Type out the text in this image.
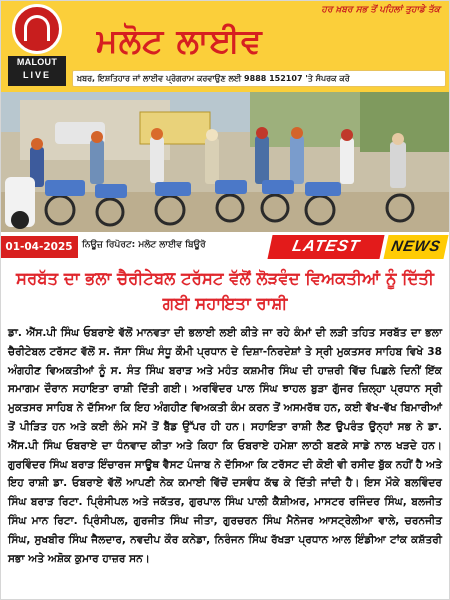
MALOUT
LIVE
ਹਰ ਖ਼ਬਰ ਸਭ ਤੋਂ ਪਹਿਲਾਂ ਤੁਹਾਡੇ ਤੱਕ
ਮਲੋਟ ਲਾਈਵ
ਖ਼ਬਰ, ਇਸ਼ਤਿਹਾਰ ਜਾਂ ਲਾਈਵ ਪ੍ਰੋਗਰਾਮ ਕਰਵਾਉਣ ਲਈ 9888 152107 'ਤੇ ਸੰਪਰਕ ਕਰੋ
01-04-2025	ਨਿਊਜ਼ ਰਿਪੋਰਟ: ਮਲੋਟ ਲਾਈਵ ਬਿਊਰੋ	LATEST	NEWS
ਸਰਬੱਤ ਦਾ ਭਲਾ ਚੈਰੀਟੇਬਲ ਟਰੱਸਟ ਵੱਲੋਂ ਲੋੜਵੰਦ ਵਿਅਕਤੀਆਂ ਨੂੰ ਦਿੱਤੀ ਗਈ ਸਹਾਇਤਾ ਰਾਸ਼ੀ
ਡਾ. ਐੱਸ.ਪੀ ਸਿੰਘ ਓਬਰਾਏ ਵੱਲੋਂ ਮਾਨਵਤਾ ਦੀ ਭਲਾਈ ਲਈ ਕੀਤੇ ਜਾ ਰਹੇ ਕੰਮਾਂ ਦੀ ਲੜੀ ਤਹਿਤ ਸਰਬੱਤ ਦਾ ਭਲਾ ਚੈਰੀਟੇਬਲ ਟਰੱਸਟ ਵੱਲੋਂ ਸ. ਜੱਸਾ ਸਿੰਘ ਸੰਧੂ ਕੌਮੀ ਪ੍ਰਧਾਨ ਦੇ ਦਿਸ਼ਾ-ਨਿਰਦੇਸ਼ਾਂ ਤੇ ਸ੍ਰੀ ਮੁਕਤਸਰ ਸਾਹਿਬ ਵਿਖੇ 38 ਅੰਗਹੀਣ ਵਿਅਕਤੀਆਂ ਨੂੰ ਸ. ਸੰਤ ਸਿੰਘ ਬਰਾੜ ਅਤੇ ਮਹੰਤ ਕਸ਼ਮੀਰ ਸਿੰਘ ਦੀ ਹਾਜ਼ਰੀ ਵਿੱਚ ਪਿਛਲੇ ਦਿਨੀਂ ਇੱਕ ਸਮਾਗਮ ਦੌਰਾਨ ਸਹਾਇਤਾ ਰਾਸ਼ੀ ਦਿੱਤੀ ਗਈ। ਅਰਵਿੰਦਰ ਪਾਲ ਸਿੰਘ ਝਾਹਲ ਬੁੜਾ ਗੁੱਜਰ ਜ਼ਿਲ੍ਹਾ ਪ੍ਰਧਾਨ ਸ੍ਰੀ ਮੁਕਤਸਰ ਸਾਹਿਬ ਨੇ ਦੱਸਿਆ ਕਿ ਇਹ ਅੰਗਹੀਣ ਵਿਅਕਤੀ ਕੰਮ ਕਰਨ ਤੋਂ ਅਸਮਰੱਥ ਹਨ, ਕਈ ਵੱਖ-ਵੱਖ ਬਿਮਾਰੀਆਂ ਤੋਂ ਪੀੜਿਤ ਹਨ ਅਤੇ ਕਈ ਲੰਮੇ ਸਮੇਂ ਤੋਂ ਬੈੱਡ ਉੱਪਰ ਹੀ ਹਨ। ਸਹਾਇਤਾ ਰਾਸ਼ੀ ਲੈਣ ਉਪਰੰਤ ਉਨ੍ਹਾਂ ਸਭ ਨੇ ਡਾ. ਐੱਸ.ਪੀ ਸਿੰਘ ਓਬਰਾਏ ਦਾ ਧੰਨਵਾਦ ਕੀਤਾ ਅਤੇ ਕਿਹਾ ਕਿ ਓਬਰਾਏ ਹਮੇਸ਼ਾ ਲਾਠੀ ਬਣਕੇ ਸਾਡੇ ਨਾਲ ਖੜਦੇ ਹਨ। ਗੁਰਵਿੰਦਰ ਸਿੰਘ ਬਰਾੜ ਇੰਚਾਰਜ ਸਾਊਥ ਵੈਸਟ ਪੰਜਾਬ ਨੇ ਦੱਸਿਆ ਕਿ ਟਰੱਸਟ ਦੀ ਕੋਈ ਵੀ ਰਸੀਦ ਬੁੱਕ ਨਹੀਂ ਹੈ ਅਤੇ ਇਹ ਰਾਸ਼ੀ ਡਾ. ਓਬਰਾਏ ਵੱਲੋਂ ਆਪਣੀ ਨੇਕ ਕਮਾਈ ਵਿੱਚੋਂ ਦਸਵੰਧ ਕੱਢ ਕੇ ਦਿੱਤੀ ਜਾਂਦੀ ਹੈ। ਇਸ ਮੌਕੇ ਬਲਵਿੰਦਰ ਸਿੰਘ ਬਰਾੜ ਰਿਟਾ. ਪ੍ਰਿੰਸੀਪਲ ਅਤੇ ਜਕੱਤਰ, ਗੁਰਪਾਲ ਸਿੰਘ ਪਾਲੀ ਕੈਸ਼ੀਅਰ, ਮਾਸਟਰ ਰਜਿੰਦਰ ਸਿੰਘ, ਬਲਜੀਤ ਸਿੰਘ ਮਾਨ ਰਿਟਾ. ਪ੍ਰਿੰਸੀਪਲ, ਗੁਰਜੀਤ ਸਿੰਘ ਜੀਤਾ, ਗੁਰਚਰਨ ਸਿੰਘ ਮੈਨੇਜਰ ਆਸਟ੍ਰੇਲੀਆ ਵਾਲੇ, ਚਰਨਜੀਤ ਸਿੰਘ, ਸੁਖਬੀਰ ਸਿੰਘ ਜੈਲਦਾਰ, ਨਵਦੀਪ ਕੌਰ ਕਨੇਡਾ, ਨਿਰੰਜਨ ਸਿੰਘ ਰੱਖੜਾ ਪ੍ਰਧਾਨ ਆਲ ਇੰਡੀਆ ਟਾਂਕ ਕਸ਼ੱਤਰੀ ਸਭਾ ਅਤੇ ਅਸ਼ੋਕ ਕੁਮਾਰ ਹਾਜ਼ਰ ਸਨ।
